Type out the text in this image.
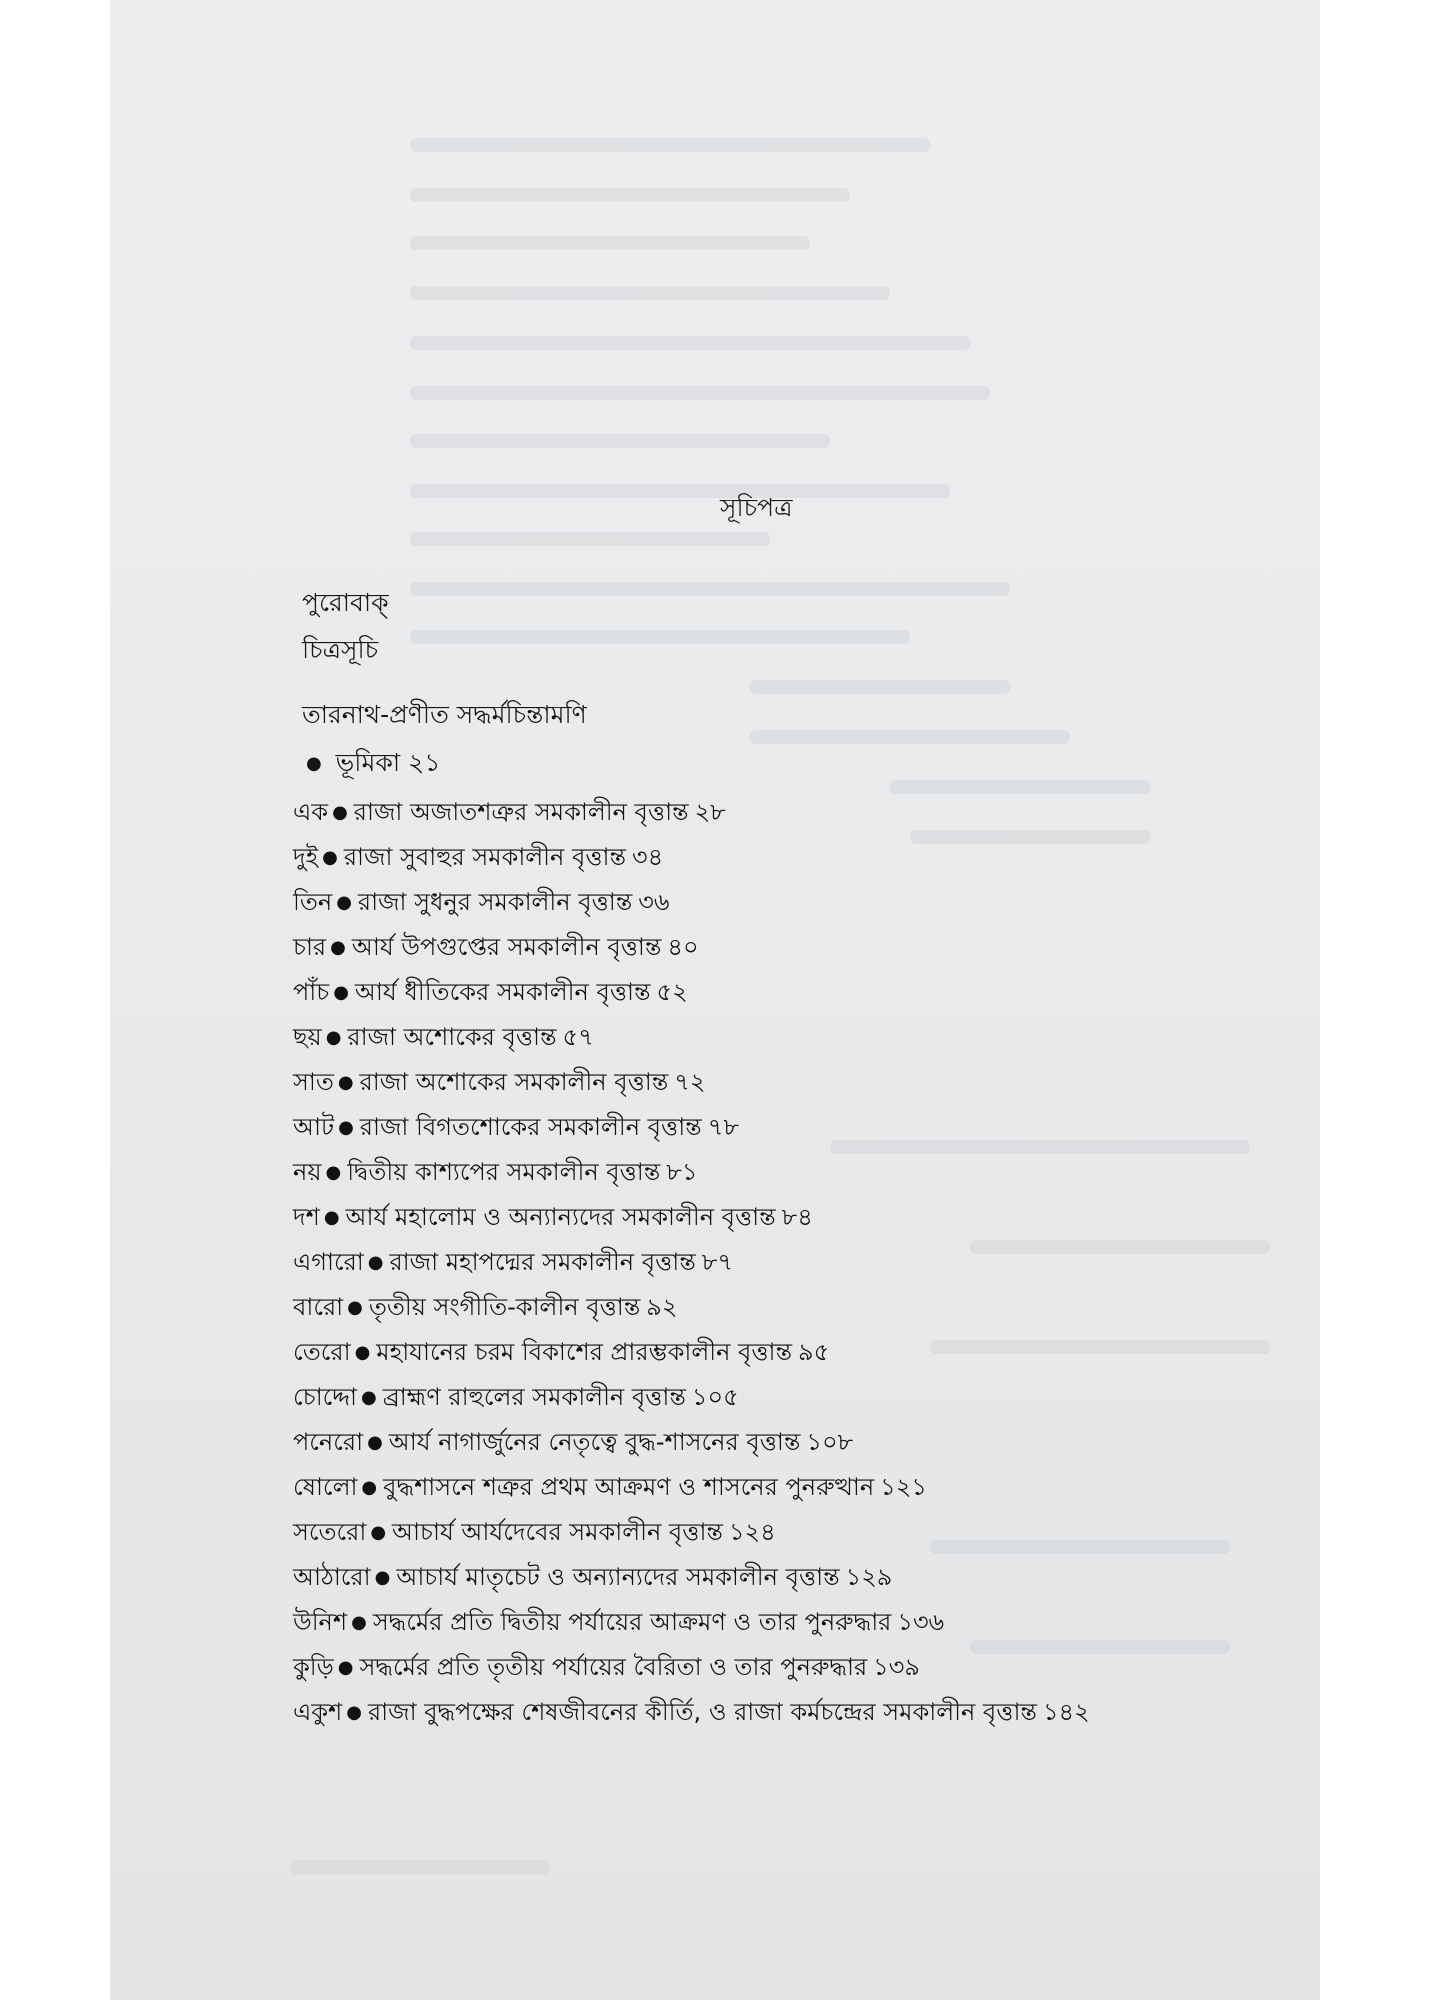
সূচিপত্র
পুরোবাক্
চিত্রসূচি
তারনাথ-প্রণীত সদ্ধর্মচিন্তামণি
● ভূমিকা ২১
এক ● রাজা অজাতশত্রুর সমকালীন বৃত্তান্ত ২৮
দুই ● রাজা সুবাহুর সমকালীন বৃত্তান্ত ৩৪
তিন ● রাজা সুধনুর সমকালীন বৃত্তান্ত ৩৬
চার ● আর্য উপগুপ্তের সমকালীন বৃত্তান্ত ৪০
পাঁচ ● আর্য ধীতিকের সমকালীন বৃত্তান্ত ৫২
ছয় ● রাজা অশোকের বৃত্তান্ত ৫৭
সাত ● রাজা অশোকের সমকালীন বৃত্তান্ত ৭২
আট ● রাজা বিগতশোকের সমকালীন বৃত্তান্ত ৭৮
নয় ● দ্বিতীয় কাশ্যপের সমকালীন বৃত্তান্ত ৮১
দশ ● আর্য মহালোম ও অন্যান্যদের সমকালীন বৃত্তান্ত ৮৪
এগারো ● রাজা মহাপদ্মের সমকালীন বৃত্তান্ত ৮৭
বারো ● তৃতীয় সংগীতি-কালীন বৃত্তান্ত ৯২
তেরো ● মহাযানের চরম বিকাশের প্রারম্ভকালীন বৃত্তান্ত ৯৫
চোদ্দো ● ব্রাহ্মণ রাহুলের সমকালীন বৃত্তান্ত ১০৫
পনেরো ● আর্য নাগার্জুনের নেতৃত্বে বুদ্ধ-শাসনের বৃত্তান্ত ১০৮
ষোলো ● বুদ্ধশাসনে শত্রুর প্রথম আক্রমণ ও শাসনের পুনরুত্থান ১২১
সতেরো ● আচার্য আর্যদেবের সমকালীন বৃত্তান্ত ১২৪
আঠারো ● আচার্য মাতৃচেট ও অন্যান্যদের সমকালীন বৃত্তান্ত ১২৯
উনিশ ● সদ্ধর্মের প্রতি দ্বিতীয় পর্যায়ের আক্রমণ ও তার পুনরুদ্ধার ১৩৬
কুড়ি ● সদ্ধর্মের প্রতি তৃতীয় পর্যায়ের বৈরিতা ও তার পুনরুদ্ধার ১৩৯
একুশ ● রাজা বুদ্ধপক্ষের শেষজীবনের কীর্তি, ও রাজা কর্মচন্দ্রের সমকালীন বৃত্তান্ত ১৪২
